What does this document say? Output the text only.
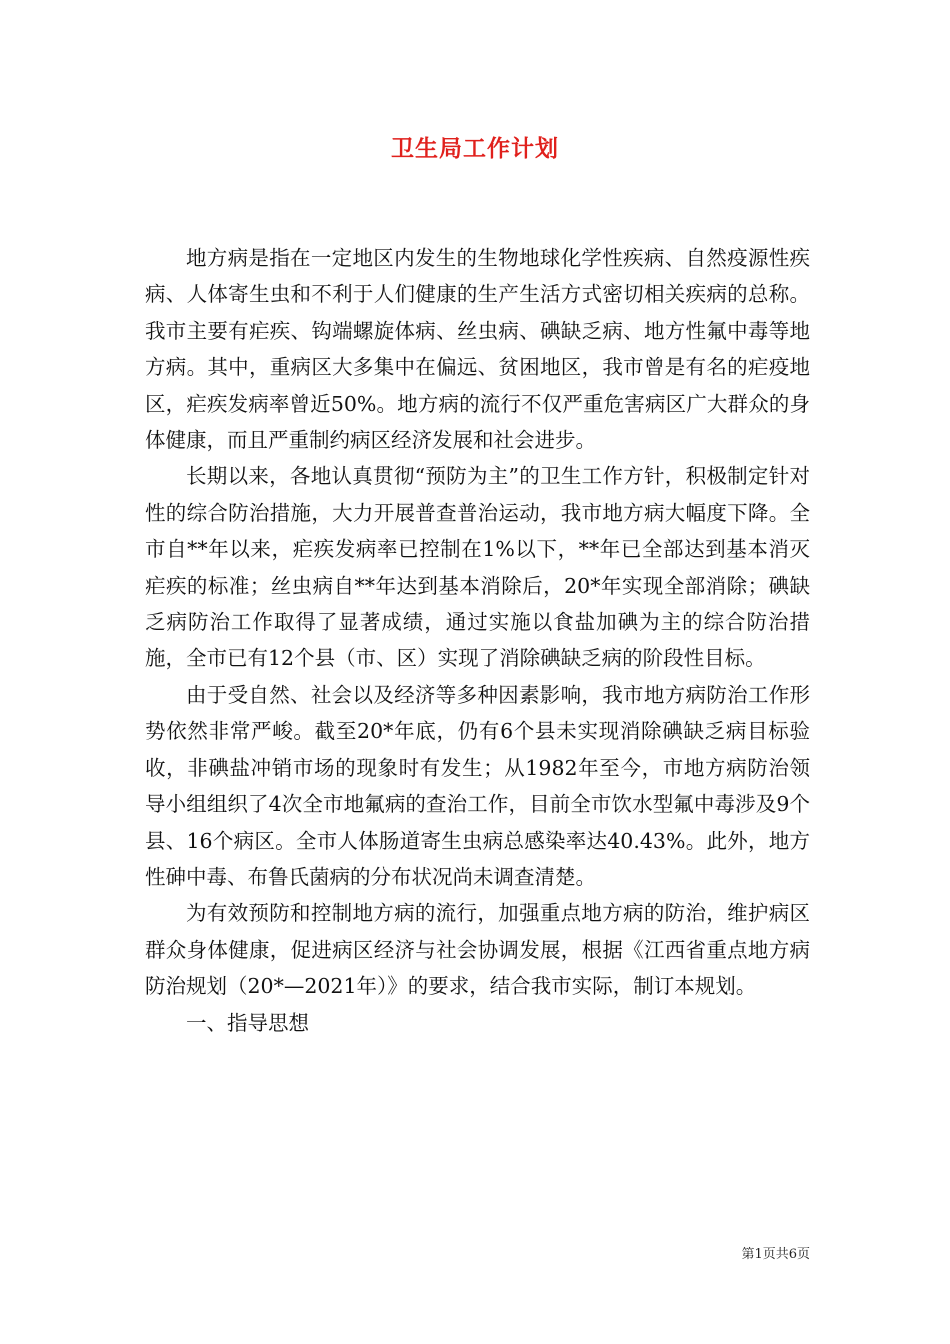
卫生局工作计划

地方病是指在一定地区内发生的生物地球化学性疾病、自然疫源性疾病、人体寄生虫和不利于人们健康的生产生活方式密切相关疾病的总称。我市主要有疟疾、钩端螺旋体病、丝虫病、碘缺乏病、地方性氟中毒等地方病。其中，重病区大多集中在偏远、贫困地区，我市曾是有名的疟疫地区，疟疾发病率曾近50%。地方病的流行不仅严重危害病区广大群众的身体健康，而且严重制约病区经济发展和社会进步。

长期以来，各地认真贯彻“预防为主”的卫生工作方针，积极制定针对性的综合防治措施，大力开展普查普治运动，我市地方病大幅度下降。全市自**年以来，疟疾发病率已控制在1%以下，**年已全部达到基本消灭疟疾的标准；丝虫病自**年达到基本消除后，20*年实现全部消除；碘缺乏病防治工作取得了显著成绩，通过实施以食盐加碘为主的综合防治措施，全市已有12个县（市、区）实现了消除碘缺乏病的阶段性目标。

由于受自然、社会以及经济等多种因素影响，我市地方病防治工作形势依然非常严峻。截至20*年底，仍有6个县未实现消除碘缺乏病目标验收，非碘盐冲销市场的现象时有发生；从1982年至今，市地方病防治领导小组组织了4次全市地氟病的查治工作，目前全市饮水型氟中毒涉及9个县、16个病区。全市人体肠道寄生虫病总感染率达40.43%。此外，地方性砷中毒、布鲁氏菌病的分布状况尚未调查清楚。

为有效预防和控制地方病的流行，加强重点地方病的防治，维护病区群众身体健康，促进病区经济与社会协调发展，根据《江西省重点地方病防治规划（20*—2021年）》的要求，结合我市实际，制订本规划。

一、指导思想

第1页共6页
